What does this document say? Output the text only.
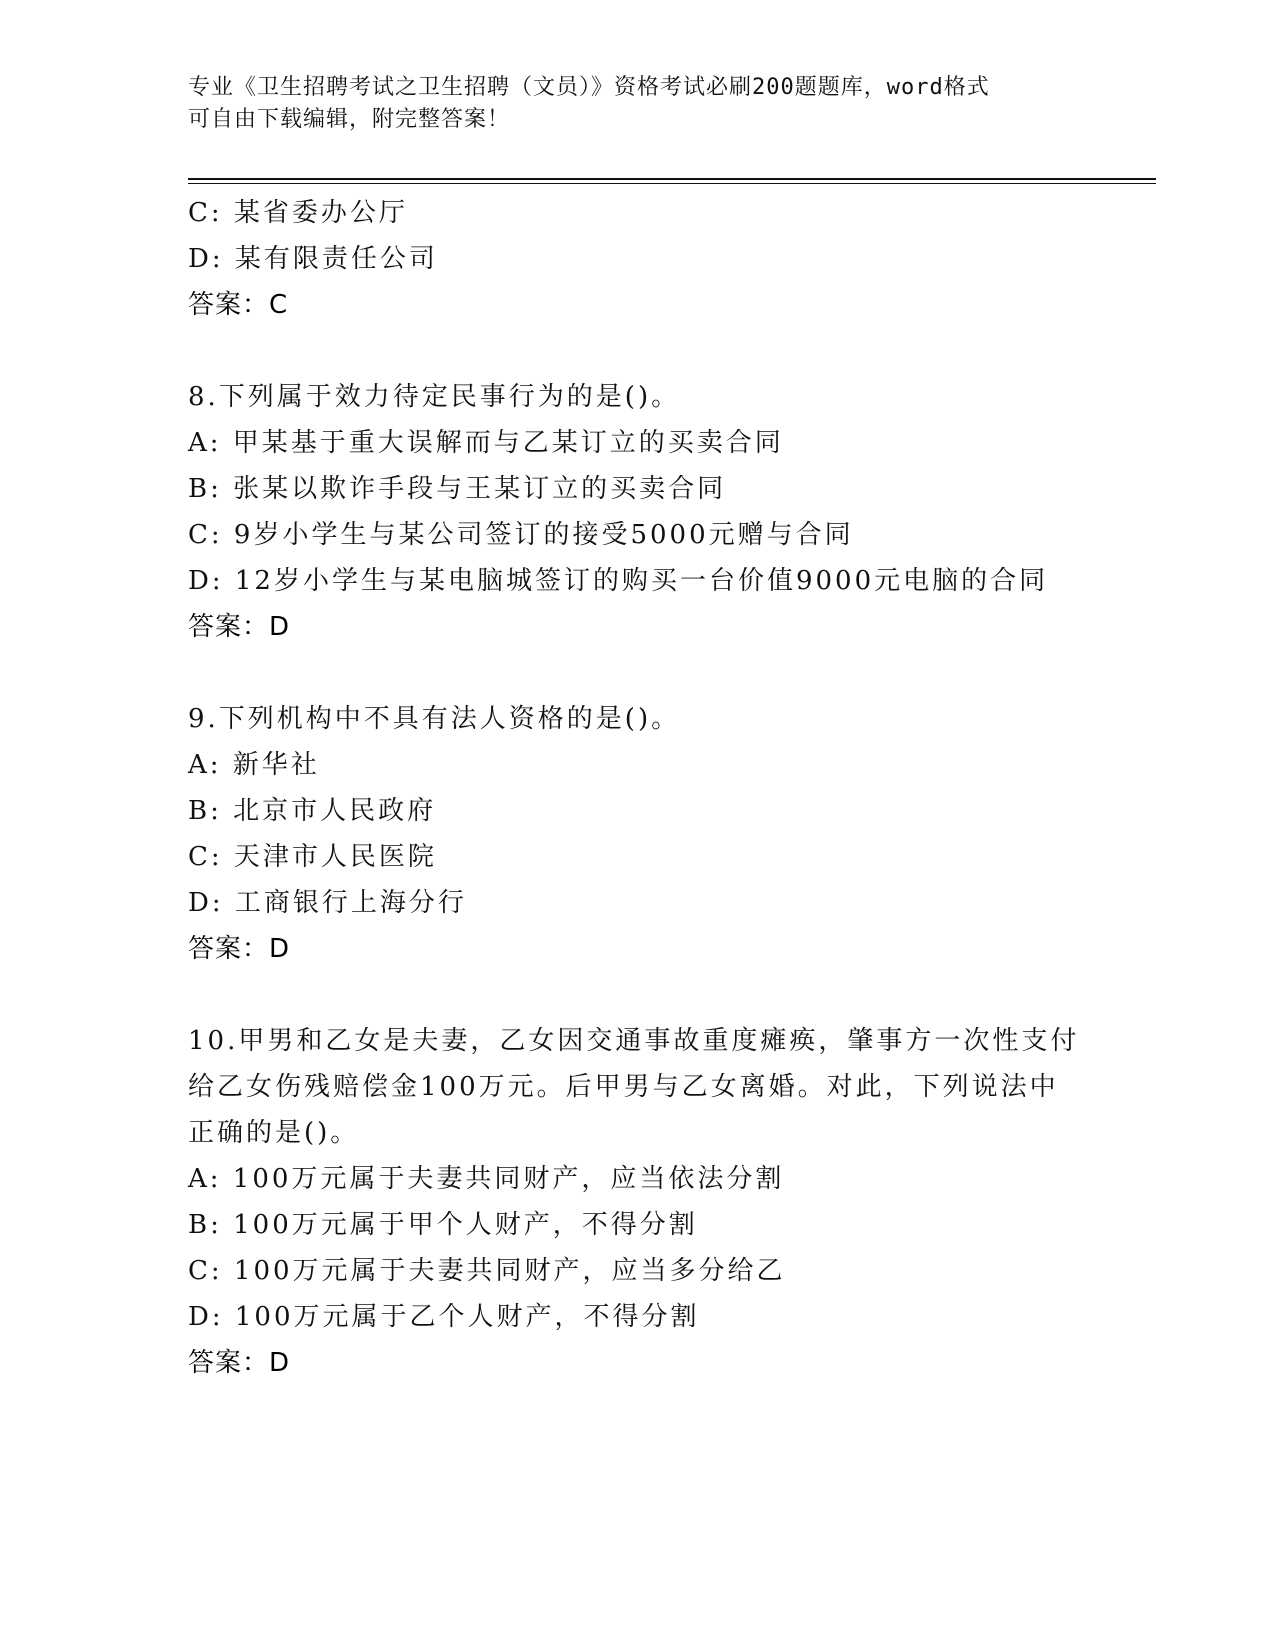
专业《卫生招聘考试之卫生招聘（文员）》资格考试必刷200题题库，word格式
可自由下载编辑，附完整答案！
C: 某省委办公厅
D: 某有限责任公司
答案：C
8.下列属于效力待定民事行为的是()。
A: 甲某基于重大误解而与乙某订立的买卖合同
B: 张某以欺诈手段与王某订立的买卖合同
C: 9岁小学生与某公司签订的接受5000元赠与合同
D: 12岁小学生与某电脑城签订的购买一台价值9000元电脑的合同
答案：D
9.下列机构中不具有法人资格的是()。
A: 新华社
B: 北京市人民政府
C: 天津市人民医院
D: 工商银行上海分行
答案：D
10.甲男和乙女是夫妻，乙女因交通事故重度瘫痪，肇事方一次性支付
给乙女伤残赔偿金100万元。后甲男与乙女离婚。对此，下列说法中
正确的是()。
A: 100万元属于夫妻共同财产，应当依法分割
B: 100万元属于甲个人财产，不得分割
C: 100万元属于夫妻共同财产，应当多分给乙
D: 100万元属于乙个人财产，不得分割
答案：D
